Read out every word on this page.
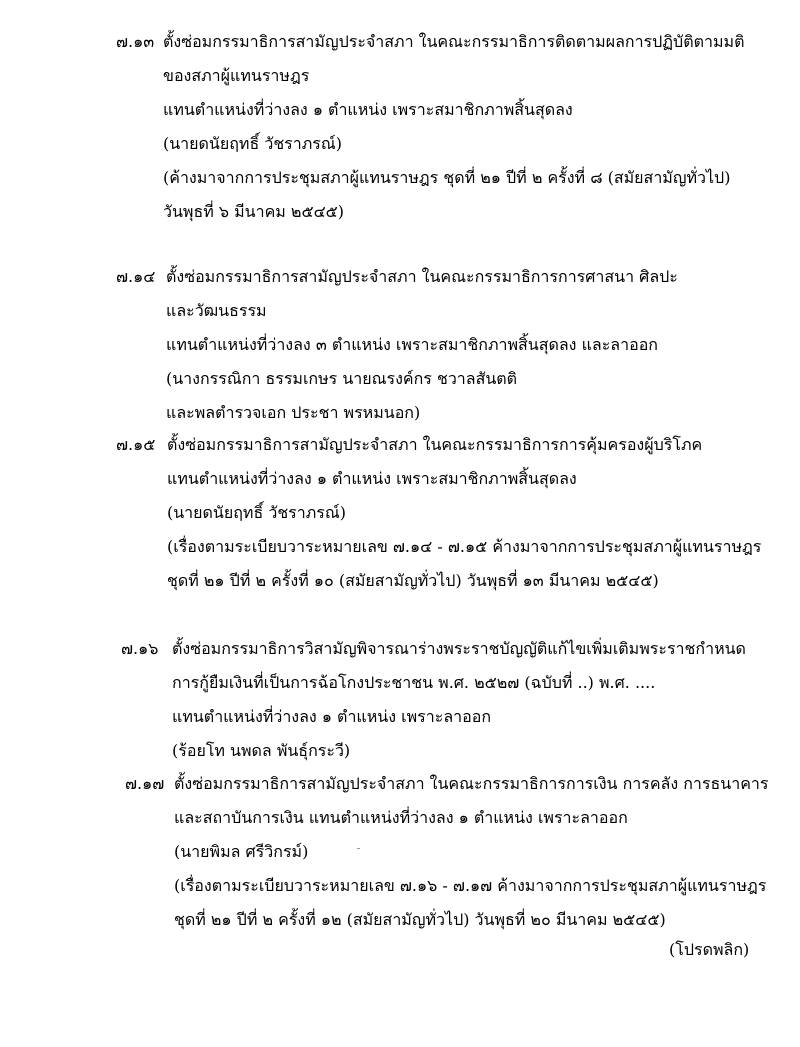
๗.๑๓ ตั้งซ่อมกรรมาธิการสามัญประจำสภา ในคณะกรรมาธิการติดตามผลการปฏิบัติตามมติ
ของสภาผู้แทนราษฎร
แทนตำแหน่งที่ว่างลง ๑ ตำแหน่ง เพราะสมาชิกภาพสิ้นสุดลง
(นายดนัยฤทธิ์ วัชราภรณ์)
(ค้างมาจากการประชุมสภาผู้แทนราษฎร ชุดที่ ๒๑ ปีที่ ๒ ครั้งที่ ๘ (สมัยสามัญทั่วไป)
วันพุธที่ ๖ มีนาคม ๒๕๔๕)
๗.๑๔ ตั้งซ่อมกรรมาธิการสามัญประจำสภา ในคณะกรรมาธิการการศาสนา ศิลปะ
และวัฒนธรรม
แทนตำแหน่งที่ว่างลง ๓ ตำแหน่ง เพราะสมาชิกภาพสิ้นสุดลง และลาออก
(นางกรรณิกา ธรรมเกษร นายณรงค์กร ชวาลสันตติ
และพลตำรวจเอก ประชา พรหมนอก)
๗.๑๕ ตั้งซ่อมกรรมาธิการสามัญประจำสภา ในคณะกรรมาธิการการคุ้มครองผู้บริโภค
แทนตำแหน่งที่ว่างลง ๑ ตำแหน่ง เพราะสมาชิกภาพสิ้นสุดลง
(นายดนัยฤทธิ์ วัชราภรณ์)
(เรื่องตามระเบียบวาระหมายเลข ๗.๑๔ - ๗.๑๕ ค้างมาจากการประชุมสภาผู้แทนราษฎร
ชุดที่ ๒๑ ปีที่ ๒ ครั้งที่ ๑๐ (สมัยสามัญทั่วไป) วันพุธที่ ๑๓ มีนาคม ๒๕๔๕)
๗.๑๖ ตั้งซ่อมกรรมาธิการวิสามัญพิจารณาร่างพระราชบัญญัติแก้ไขเพิ่มเติมพระราชกำหนด
การกู้ยืมเงินที่เป็นการฉ้อโกงประชาชน พ.ศ. ๒๕๒๗ (ฉบับที่ ..) พ.ศ. ....
แทนตำแหน่งที่ว่างลง ๑ ตำแหน่ง เพราะลาออก
(ร้อยโท นพดล พันธุ์กระวี)
๗.๑๗ ตั้งซ่อมกรรมาธิการสามัญประจำสภา ในคณะกรรมาธิการการเงิน การคลัง การธนาคาร
และสถาบันการเงิน แทนตำแหน่งที่ว่างลง ๑ ตำแหน่ง เพราะลาออก
(นายพิมล ศรีวิกรม์)
(เรื่องตามระเบียบวาระหมายเลข ๗.๑๖ - ๗.๑๗ ค้างมาจากการประชุมสภาผู้แทนราษฎร
ชุดที่ ๒๑ ปีที่ ๒ ครั้งที่ ๑๒ (สมัยสามัญทั่วไป) วันพุธที่ ๒๐ มีนาคม ๒๕๔๕)
(โปรดพลิก)
